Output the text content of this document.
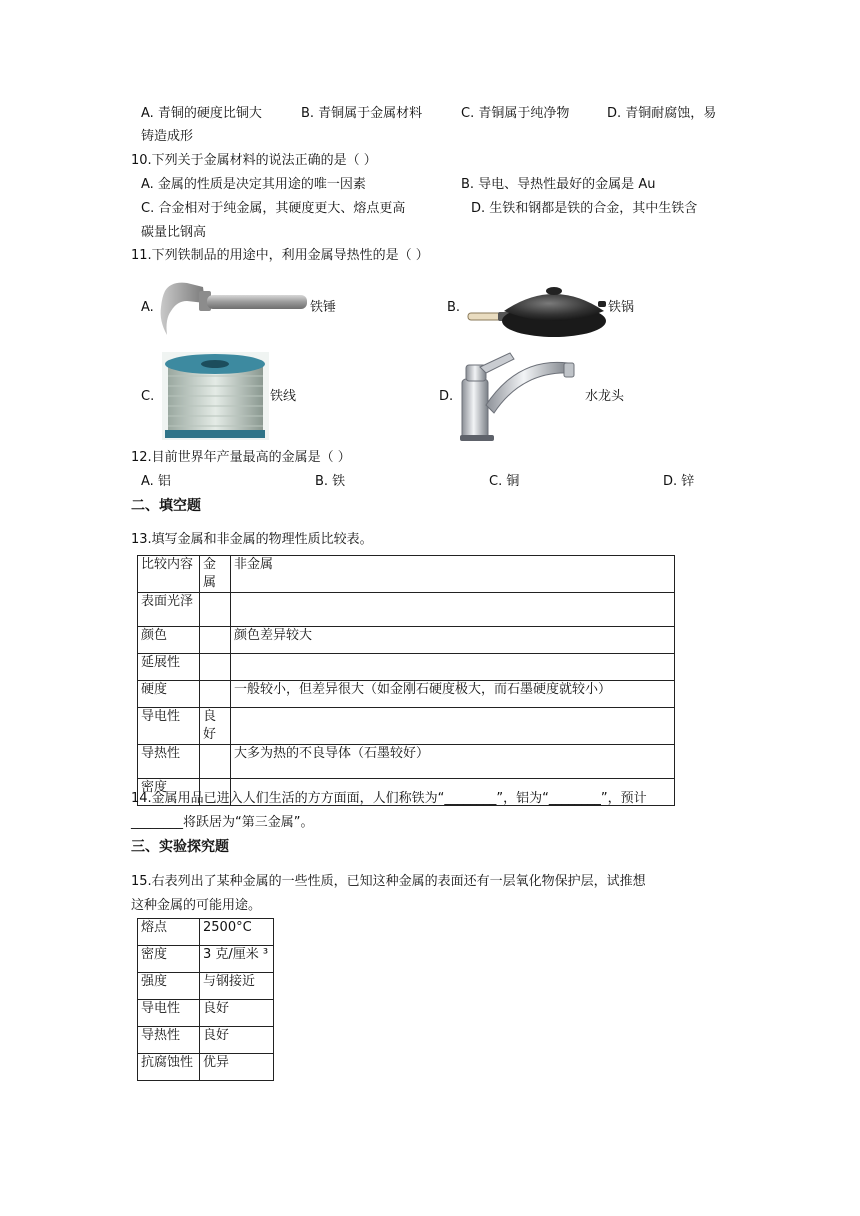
A. 青铜的硬度比铜大	B. 青铜属于金属材料	C. 青铜属于纯净物	D. 青铜耐腐蚀，易
铸造成形
10.下列关于金属材料的说法正确的是（ ）
A. 金属的性质是决定其用途的唯一因素	B. 导电、导热性最好的金属是 Au
C. 合金相对于纯金属，其硬度更大、熔点更高	D. 生铁和钢都是铁的合金，其中生铁含
碳量比钢高
11.下列铁制品的用途中，利用金属导热性的是（ ）
A.	铁锤	B.	铁锅
C.	铁线	D.	水龙头
12.目前世界年产量最高的金属是（ ）
A. 铝	B. 铁	C. 铜	D. 锌
二、填空题
13.填写金属和非金属的物理性质比较表。
比较内容	金属	非金属
表面光泽		
颜色		颜色差异较大
延展性		
硬度		一般较小，但差异很大（如金刚石硬度极大，而石墨硬度就较小）
导电性	良好	
导热性		大多为热的不良导体（石墨较好）
密度		
14.金属用品已进入人们生活的方方面面，人们称铁为“________”，铝为“________”，预计
________将跃居为“第三金属”。
三、实验探究题
15.右表列出了某种金属的一些性质，已知这种金属的表面还有一层氧化物保护层，试推想
这种金属的可能用途。
熔点	2500°C
密度	3 克/厘米 ³
强度	与钢接近
导电性	良好
导热性	良好
抗腐蚀性	优异
